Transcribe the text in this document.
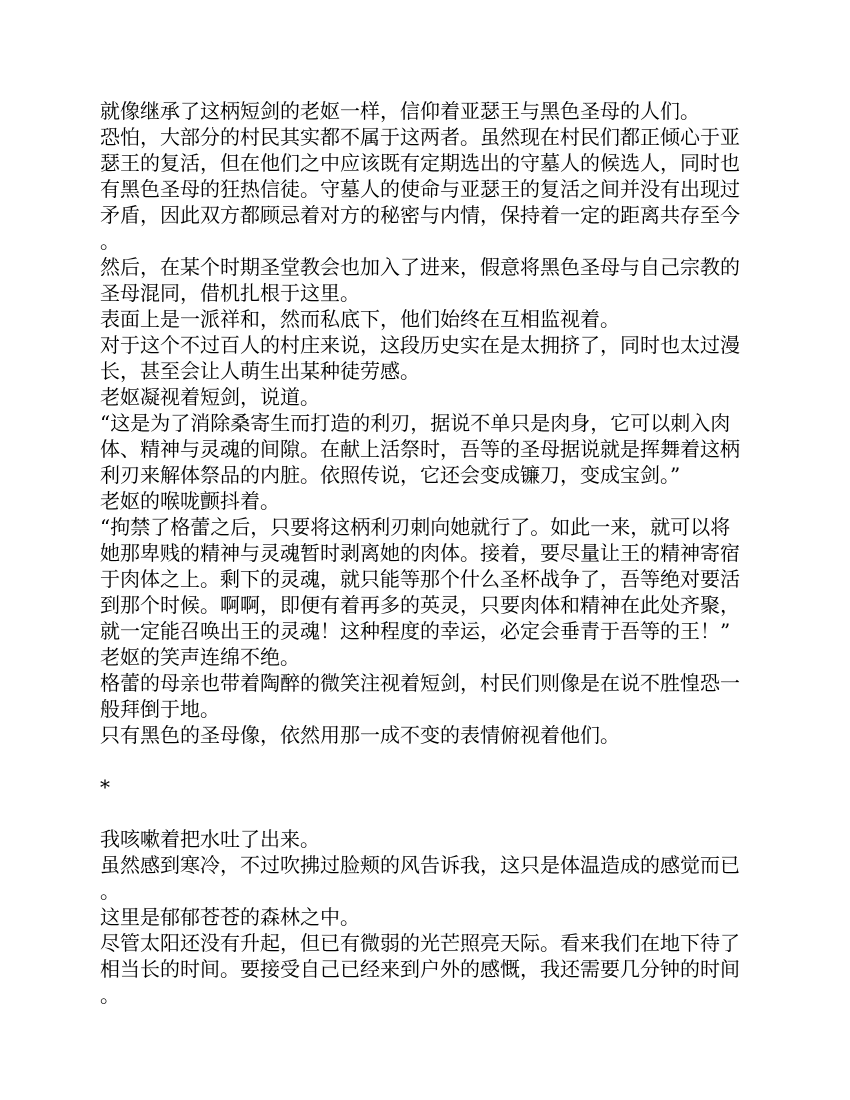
就像继承了这柄短剑的老妪一样，信仰着亚瑟王与黑色圣母的人们。

恐怕，大部分的村民其实都不属于这两者。虽然现在村民们都正倾心于亚瑟王的复活，但在他们之中应该既有定期选出的守墓人的候选人，同时也有黑色圣母的狂热信徒。守墓人的使命与亚瑟王的复活之间并没有出现过矛盾，因此双方都顾忌着对方的秘密与内情，保持着一定的距离共存至今。

然后，在某个时期圣堂教会也加入了进来，假意将黑色圣母与自己宗教的圣母混同，借机扎根于这里。

表面上是一派祥和，然而私底下，他们始终在互相监视着。

对于这个不过百人的村庄来说，这段历史实在是太拥挤了，同时也太过漫长，甚至会让人萌生出某种徒劳感。

老妪凝视着短剑，说道。

“这是为了消除桑寄生而打造的利刃，据说不单只是肉身，它可以刺入肉体、精神与灵魂的间隙。在献上活祭时，吾等的圣母据说就是挥舞着这柄利刃来解体祭品的内脏。依照传说，它还会变成镰刀，变成宝剑。”

老妪的喉咙颤抖着。

“拘禁了格蕾之后，只要将这柄利刃刺向她就行了。如此一来，就可以将她那卑贱的精神与灵魂暂时剥离她的肉体。接着，要尽量让王的精神寄宿于肉体之上。剩下的灵魂，就只能等那个什么圣杯战争了，吾等绝对要活到那个时候。啊啊，即便有着再多的英灵，只要肉体和精神在此处齐聚，就一定能召唤出王的灵魂！这种程度的幸运，必定会垂青于吾等的王！”

老妪的笑声连绵不绝。

格蕾的母亲也带着陶醉的微笑注视着短剑，村民们则像是在说不胜惶恐一般拜倒于地。

只有黑色的圣母像，依然用那一成不变的表情俯视着他们。

*

我咳嗽着把水吐了出来。

虽然感到寒冷，不过吹拂过脸颊的风告诉我，这只是体温造成的感觉而已。

这里是郁郁苍苍的森林之中。

尽管太阳还没有升起，但已有微弱的光芒照亮天际。看来我们在地下待了相当长的时间。要接受自己已经来到户外的感慨，我还需要几分钟的时间。
